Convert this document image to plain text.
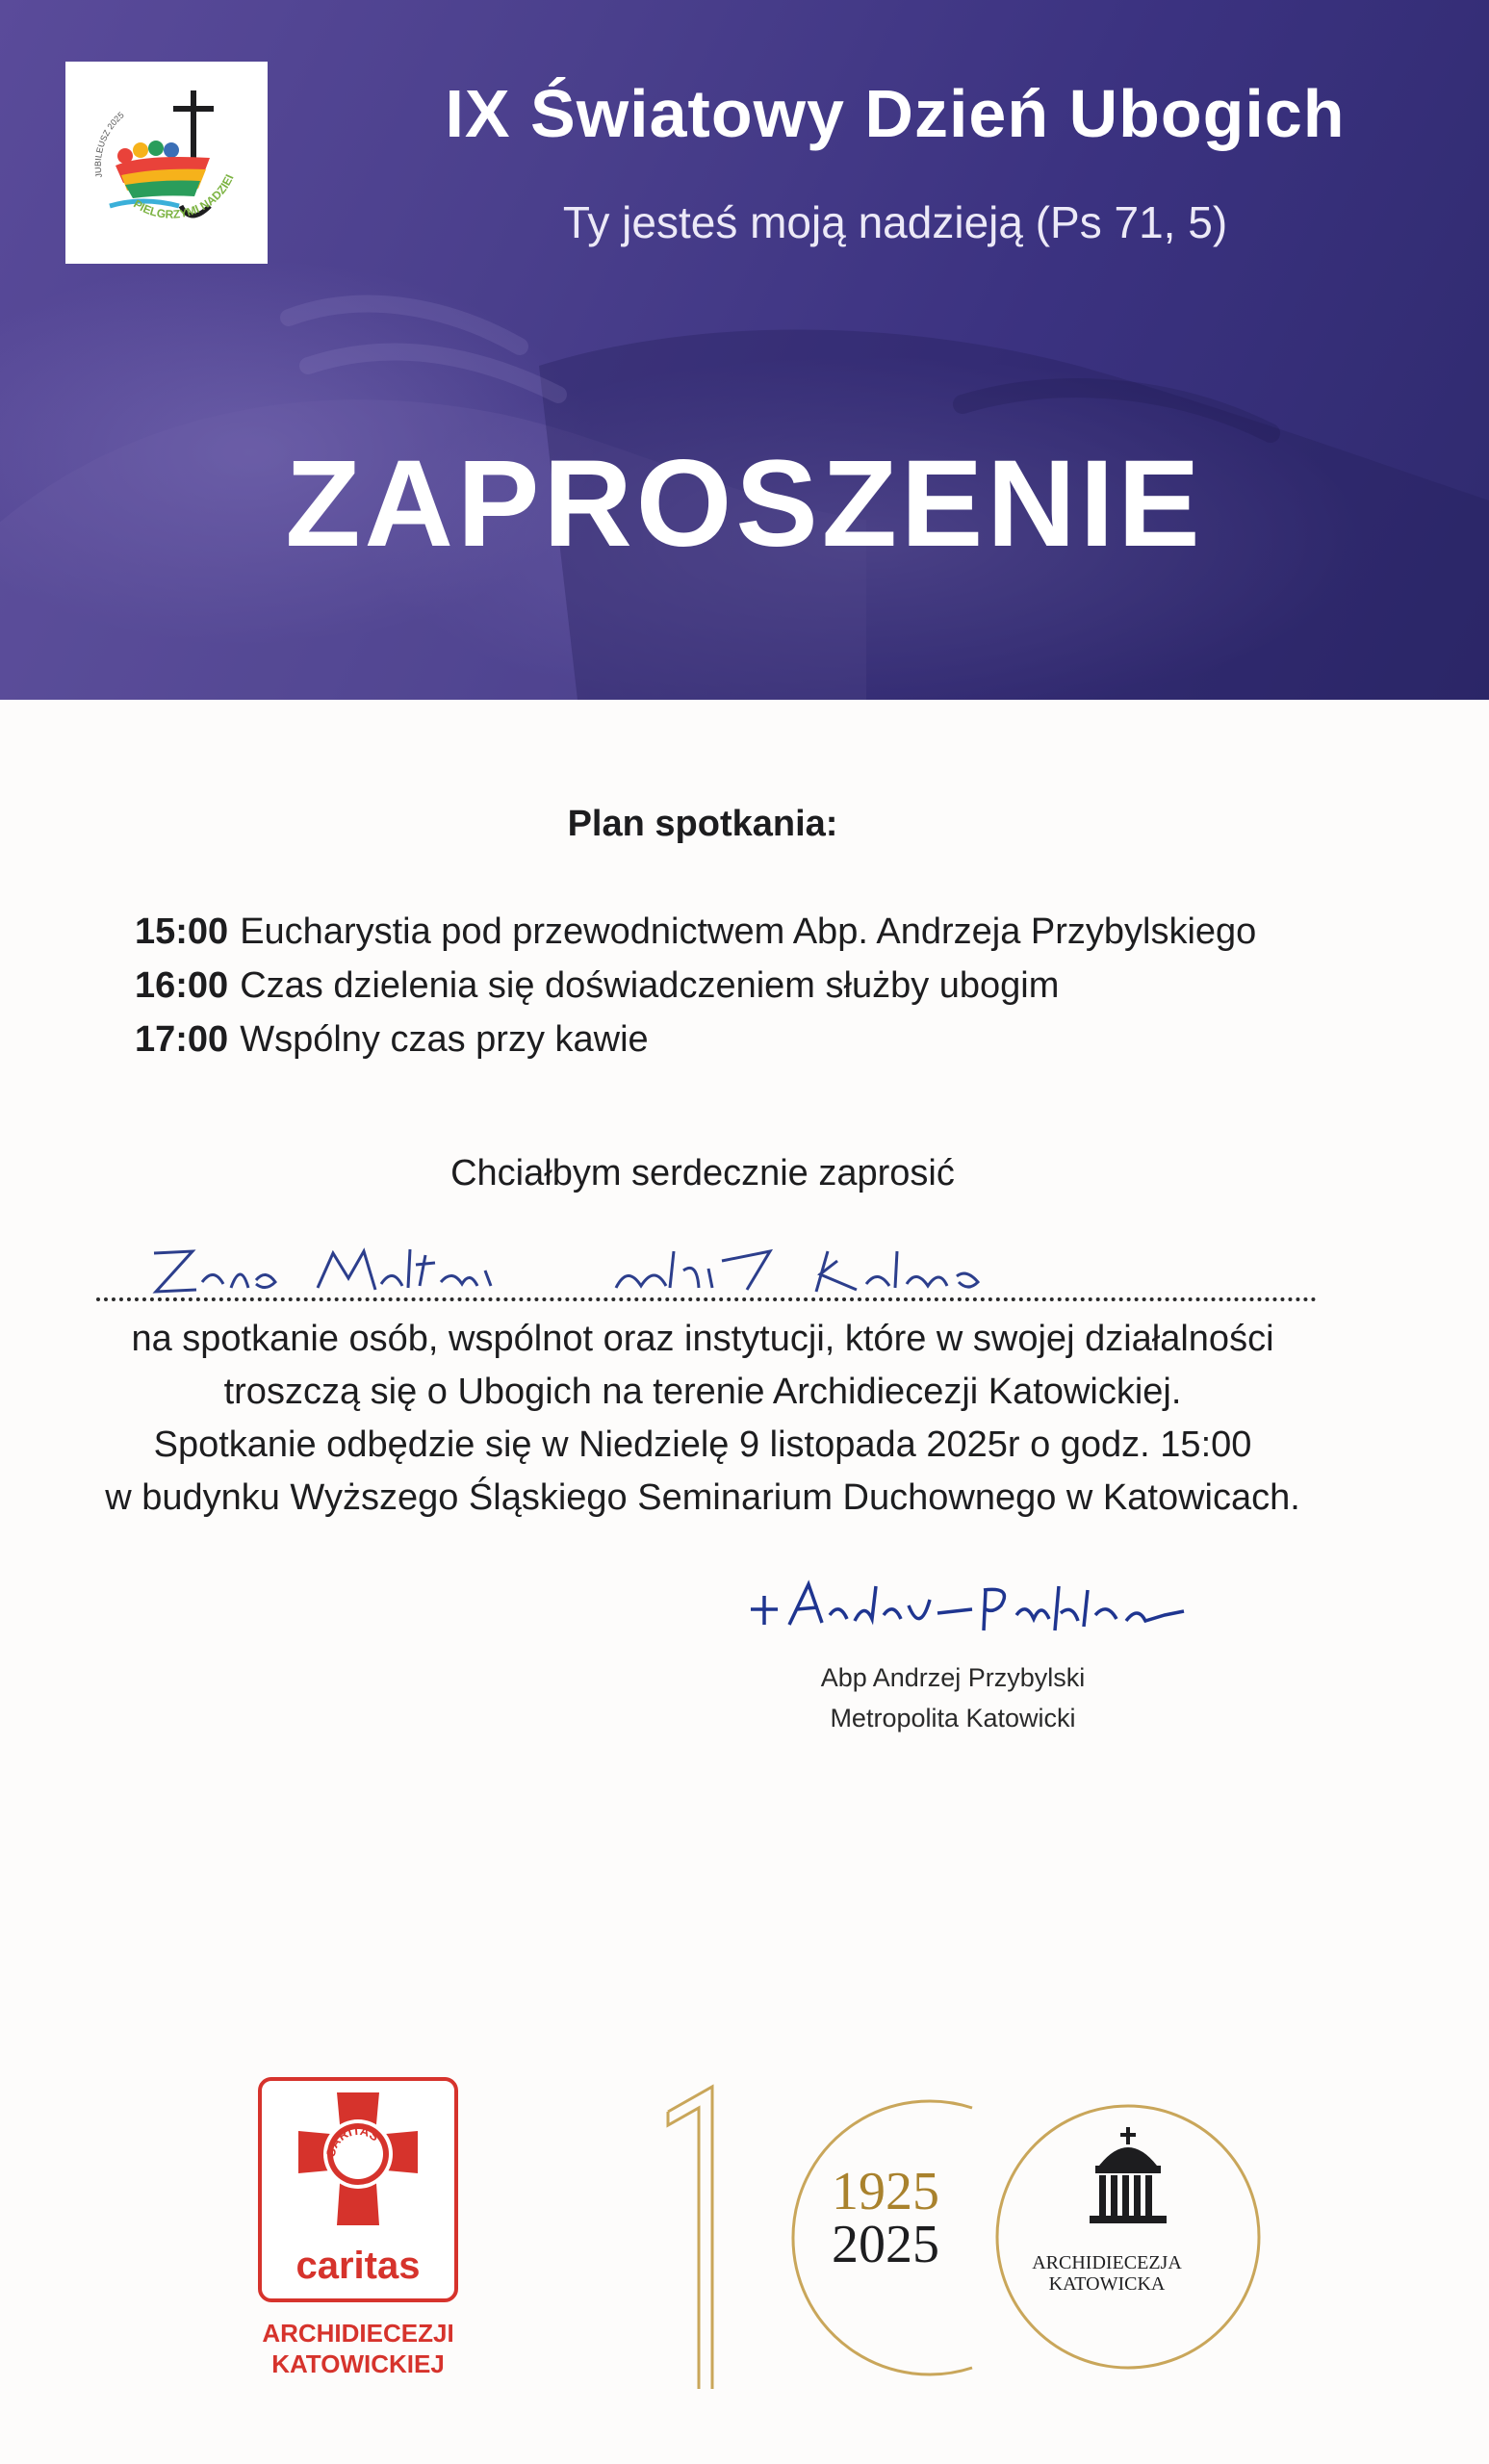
JUBILEUSZ 2025
PIELGRZYMI NADZIEI
IX Światowy Dzień Ubogich
Ty jesteś moją nadzieją (Ps 71, 5)
ZAPROSZENIE
Plan spotkania:
15:00 Eucharystia pod przewodnictwem Abp. Andrzeja Przybylskiego
16:00 Czas dzielenia się doświadczeniem służby ubogim
17:00 Wspólny czas przy kawie
Chciałbym serdecznie zaprosić
na spotkanie osób, wspólnot oraz instytucji, które w swojej działalności
troszczą się o Ubogich na terenie Archidiecezji Katowickiej.
Spotkanie odbędzie się w Niedzielę 9 listopada 2025r o godz. 15:00
w budynku Wyższego Śląskiego Seminarium Duchownego w Katowicach.
Abp Andrzej Przybylski
Metropolita Katowicki
CARITAS
caritas
ARCHIDIECEZJI
KATOWICKIEJ
1925
2025	ARCHIDIECEZJA
KATOWICKA
